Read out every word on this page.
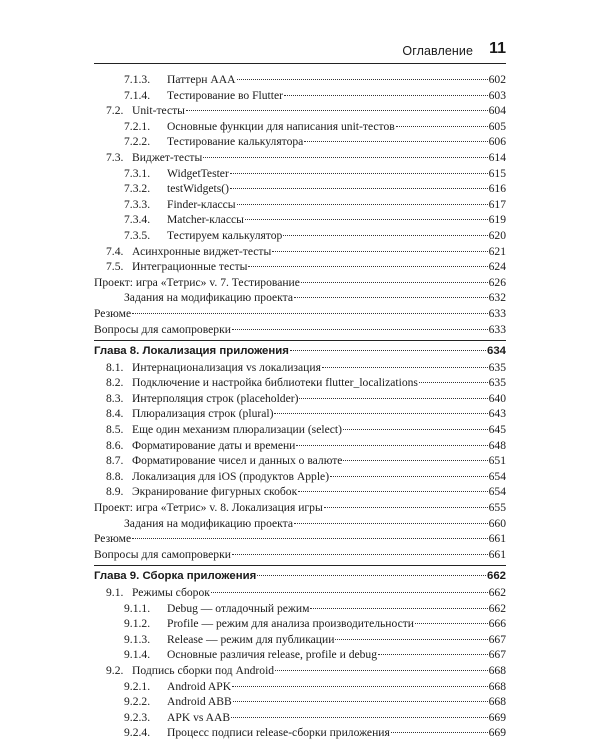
Оглавление 11
7.1.3.	Паттерн ААА	602
7.1.4.	Тестирование во Flutter	603
7.2. Unit-тесты	604
7.2.1.	Основные функции для написания unit-тестов	605
7.2.2.	Тестирование калькулятора	606
7.3. Виджет-тесты	614
7.3.1.	WidgetTester	615
7.3.2.	testWidgets()	616
7.3.3.	Finder-классы	617
7.3.4.	Matcher-классы	619
7.3.5.	Тестируем калькулятор	620
7.4. Асинхронные виджет-тесты	621
7.5. Интеграционные тесты	624
Проект: игра «Тетрис» v. 7. Тестирование	626
Задания на модификацию проекта	632
Резюме	633
Вопросы для самопроверки	633
Глава 8. Локализация приложения	634
8.1. Интернационализация vs локализация	635
8.2. Подключение и настройка библиотеки flutter_localizations	635
8.3. Интерполяция строк (placeholder)	640
8.4. Плюрализация строк (plural)	643
8.5. Еще один механизм плюрализации (select)	645
8.6. Форматирование даты и времени	648
8.7. Форматирование чисел и данных о валюте	651
8.8. Локализация для iOS (продуктов Apple)	654
8.9. Экранирование фигурных скобок	654
Проект: игра «Тетрис» v. 8. Локализация игры	655
Задания на модификацию проекта	660
Резюме	661
Вопросы для самопроверки	661
Глава 9. Сборка приложения	662
9.1. Режимы сборок	662
9.1.1.	Debug — отладочный режим	662
9.1.2.	Profile — режим для анализа производительности	666
9.1.3.	Release — режим для публикации	667
9.1.4.	Основные различия release, profile и debug	667
9.2. Подпись сборки под Android	668
9.2.1.	Android APK	668
9.2.2.	Android ABB	668
9.2.3.	APK vs AAB	669
9.2.4.	Процесс подписи release-сборки приложения	669
